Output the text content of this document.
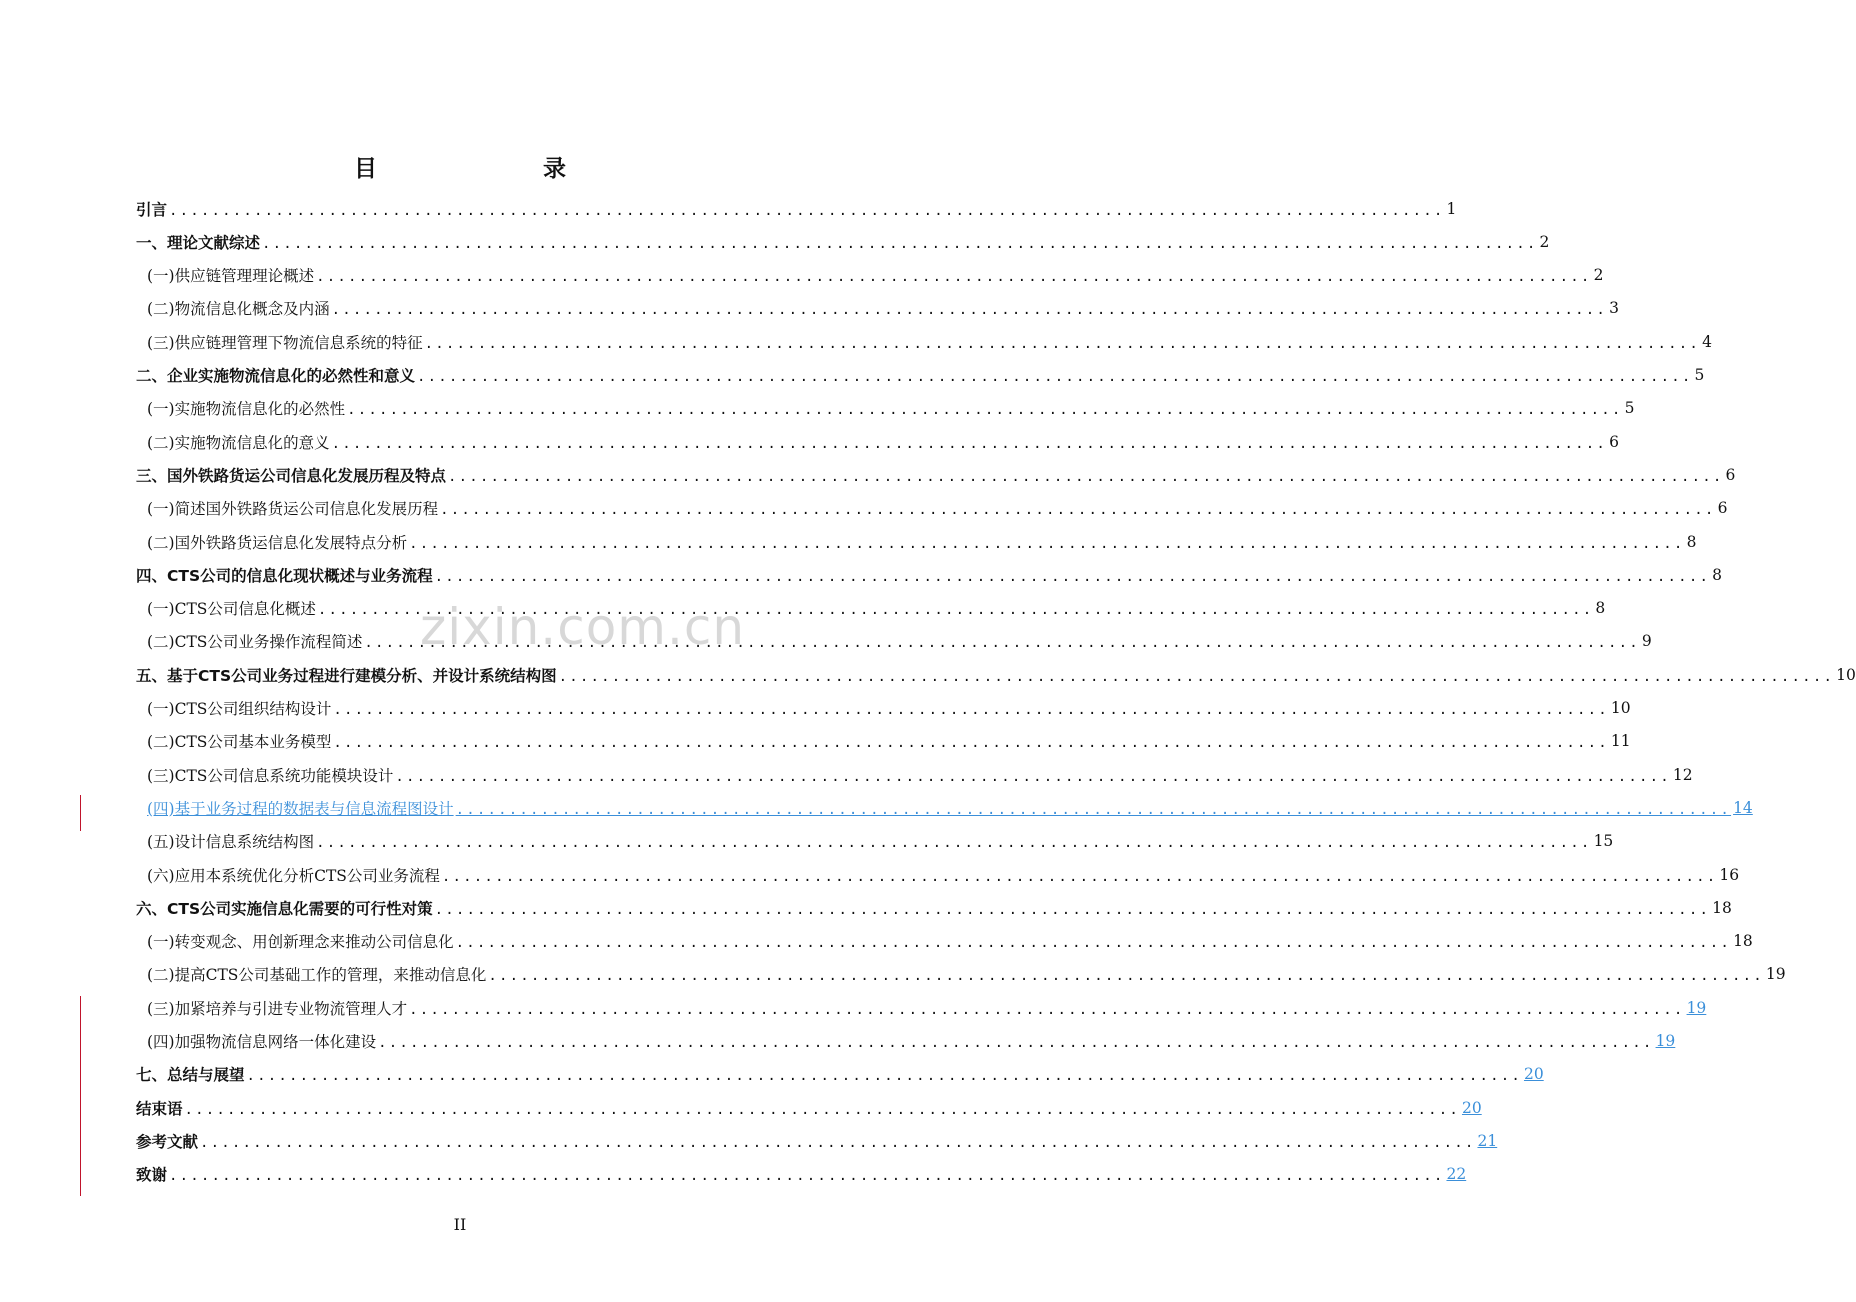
目　　录
引言 ........................................................................................................................ 1
一、理论文献综述 ........................................................................................................................ 2
(一)供应链管理理论概述 ........................................................................................................................ 2
(二)物流信息化概念及内涵 ........................................................................................................................ 3
(三)供应链理管理下物流信息系统的特征 ........................................................................................................................ 4
二、企业实施物流信息化的必然性和意义 ........................................................................................................................ 5
(一)实施物流信息化的必然性 ........................................................................................................................ 5
(二)实施物流信息化的意义 ........................................................................................................................ 6
三、国外铁路货运公司信息化发展历程及特点 ........................................................................................................................ 6
(一)简述国外铁路货运公司信息化发展历程 ........................................................................................................................ 6
(二)国外铁路货运信息化发展特点分析 ........................................................................................................................ 8
四、CTS公司的信息化现状概述与业务流程 ........................................................................................................................ 8
(一)CTS公司信息化概述 ........................................................................................................................ 8
(二)CTS公司业务操作流程简述 ........................................................................................................................ 9
五、基于CTS公司业务过程进行建模分析、并设计系统结构图 ........................................................................................................................ 10
(一)CTS公司组织结构设计 ........................................................................................................................ 10
(二)CTS公司基本业务模型 ........................................................................................................................ 11
(三)CTS公司信息系统功能模块设计 ........................................................................................................................ 12
(四)基于业务过程的数据表与信息流程图设计 ........................................................................................................................ 14
(五)设计信息系统结构图 ........................................................................................................................ 15
(六)应用本系统优化分析CTS公司业务流程 ........................................................................................................................ 16
六、CTS公司实施信息化需要的可行性对策 ........................................................................................................................ 18
(一)转变观念、用创新理念来推动公司信息化 ........................................................................................................................ 18
(二)提高CTS公司基础工作的管理，来推动信息化 ........................................................................................................................ 19
(三)加紧培养与引进专业物流管理人才 ........................................................................................................................ 19
(四)加强物流信息网络一体化建设 ........................................................................................................................ 19
七、总结与展望 ........................................................................................................................ 20
结束语 ........................................................................................................................ 20
参考文献 ........................................................................................................................ 21
致谢 ........................................................................................................................ 22
zixin.com.cn
II
